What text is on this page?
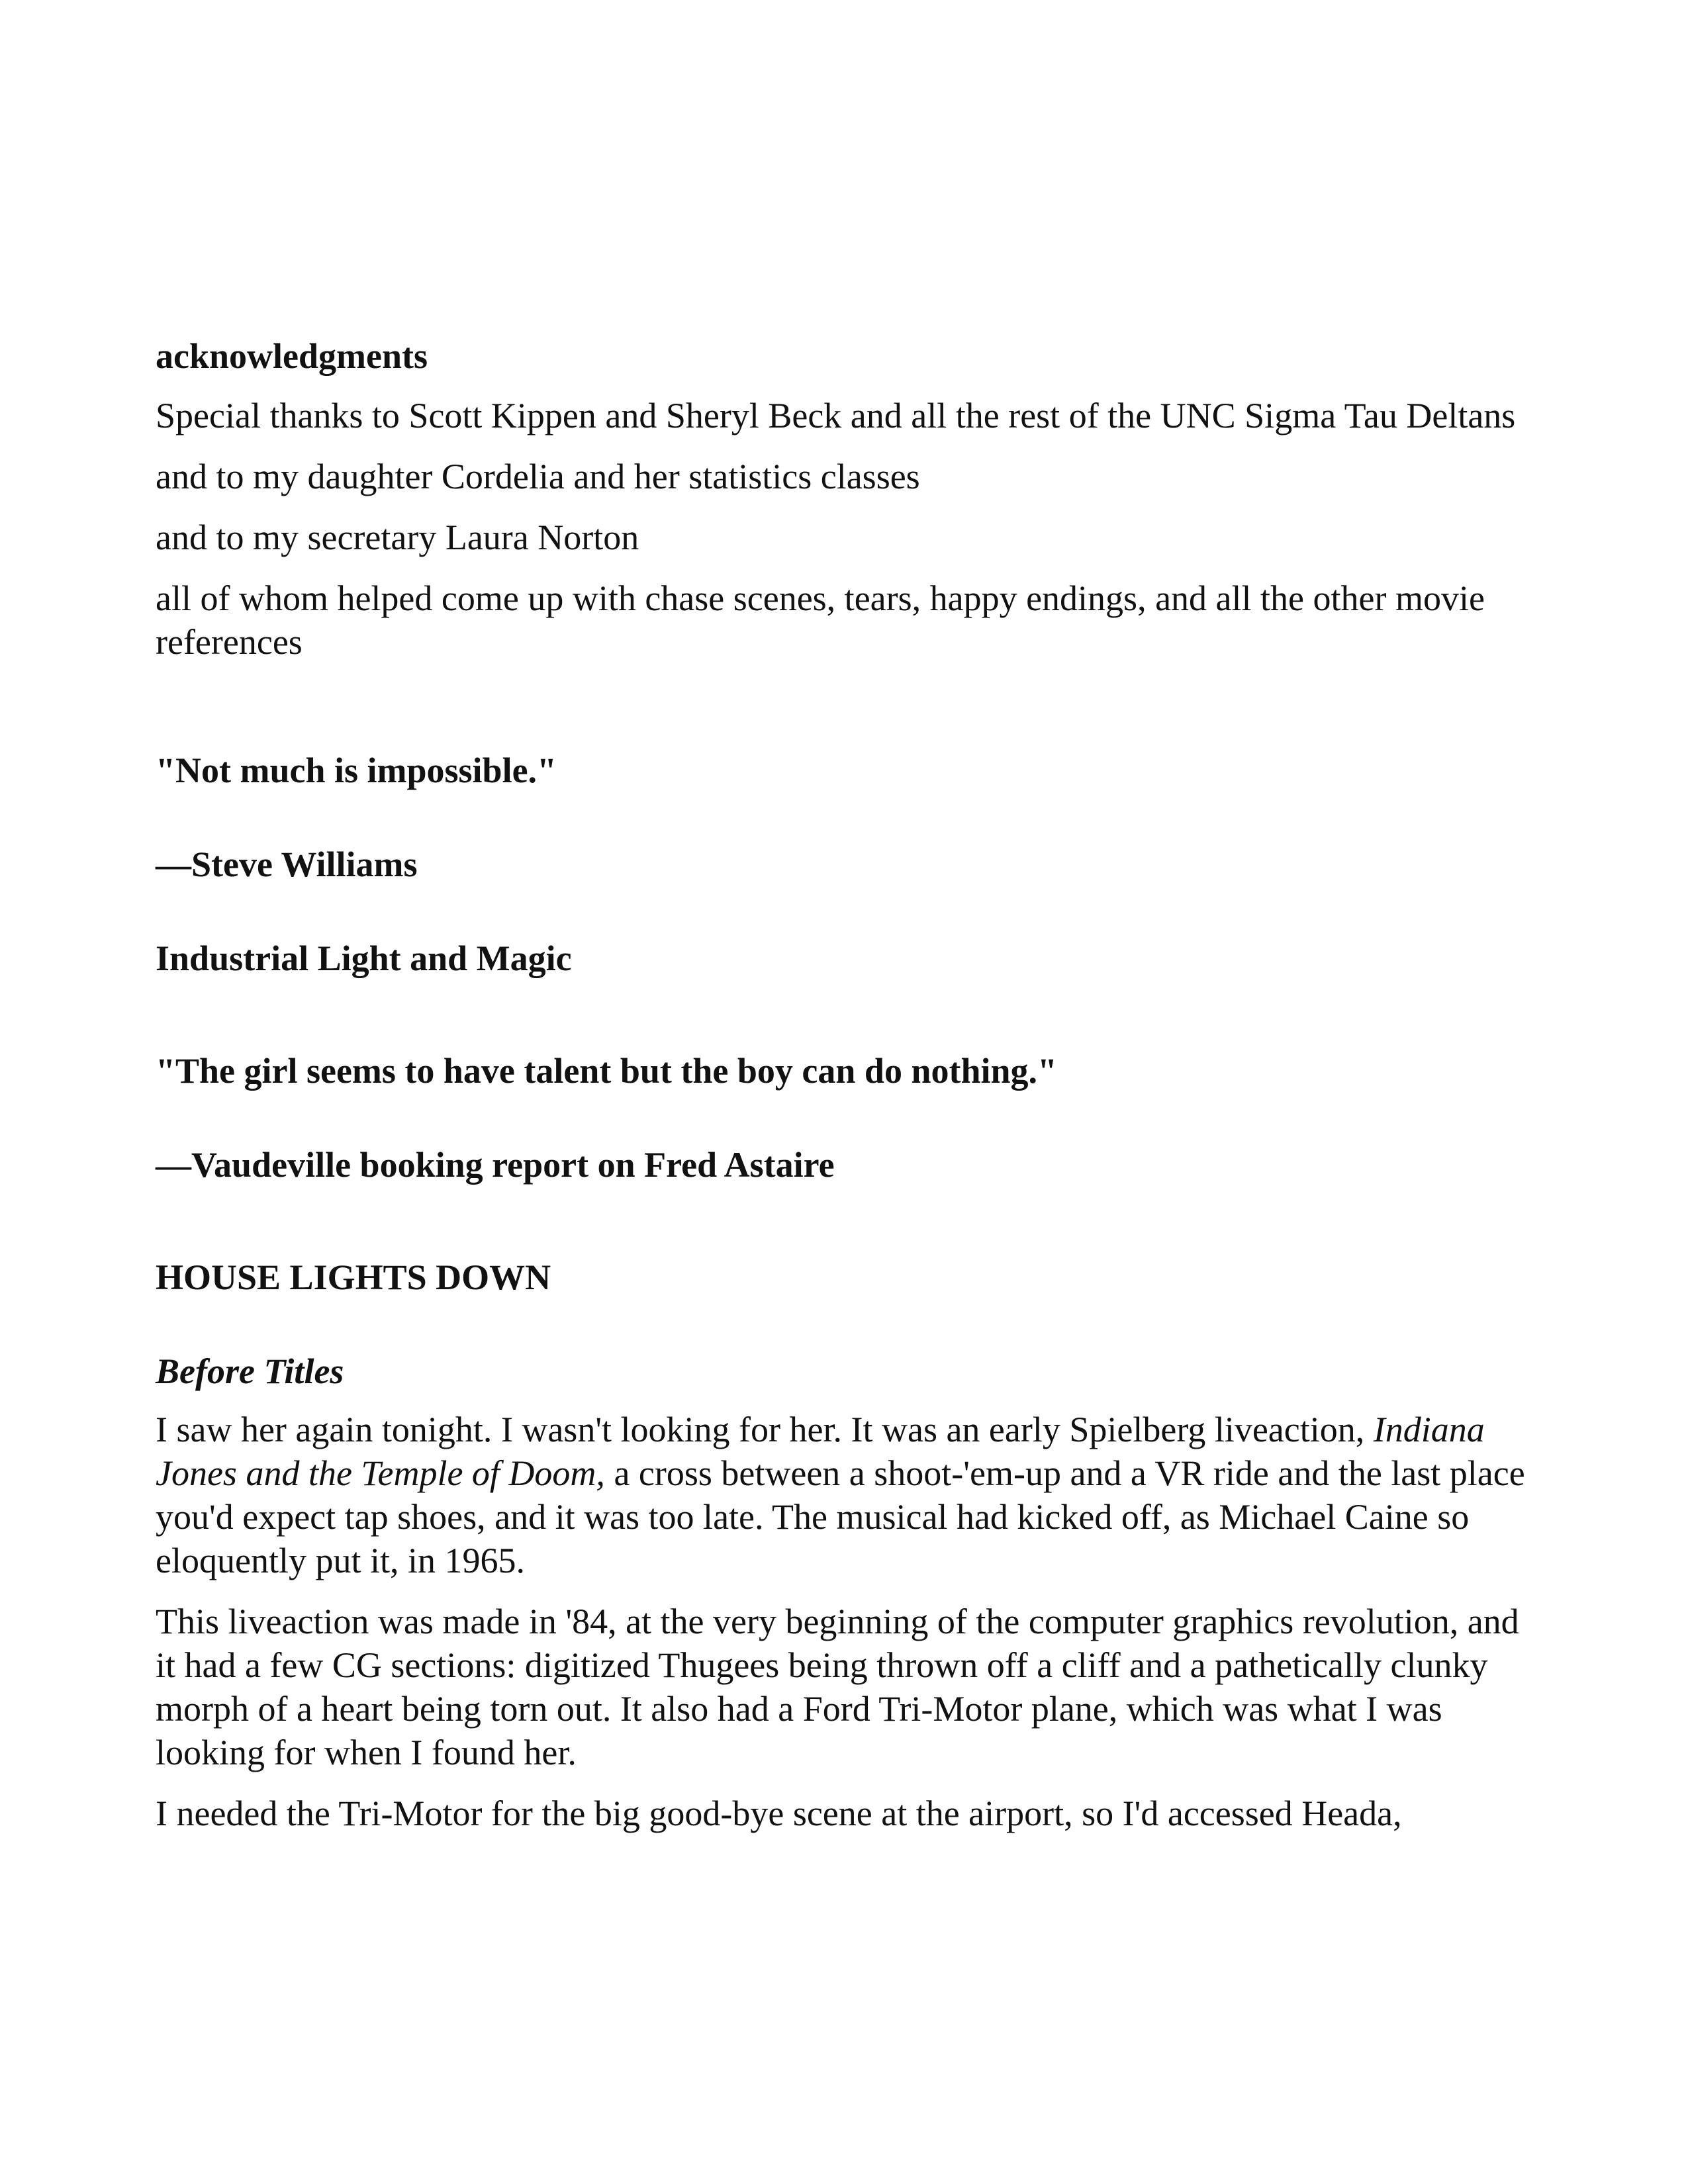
acknowledgments
Special thanks to Scott Kippen and Sheryl Beck and all the rest of the UNC Sigma Tau Deltans
and to my daughter Cordelia and her statistics classes
and to my secretary Laura Norton
all of whom helped come up with chase scenes, tears, happy endings, and all the other movie references
"Not much is impossible."
—Steve Williams
Industrial Light and Magic
"The girl seems to have talent but the boy can do nothing."
—Vaudeville booking report on Fred Astaire
HOUSE LIGHTS DOWN
Before Titles
I saw her again tonight. I wasn't looking for her. It was an early Spielberg liveaction, Indiana Jones and the Temple of Doom, a cross between a shoot-'em-up and a VR ride and the last place you'd expect tap shoes, and it was too late. The musical had kicked off, as Michael Caine so eloquently put it, in 1965.
This liveaction was made in '84, at the very beginning of the computer graphics revolution, and it had a few CG sections: digitized Thugees being thrown off a cliff and a pathetically clunky morph of a heart being torn out. It also had a Ford Tri-Motor plane, which was what I was looking for when I found her.
I needed the Tri-Motor for the big good-bye scene at the airport, so I'd accessed Heada,
